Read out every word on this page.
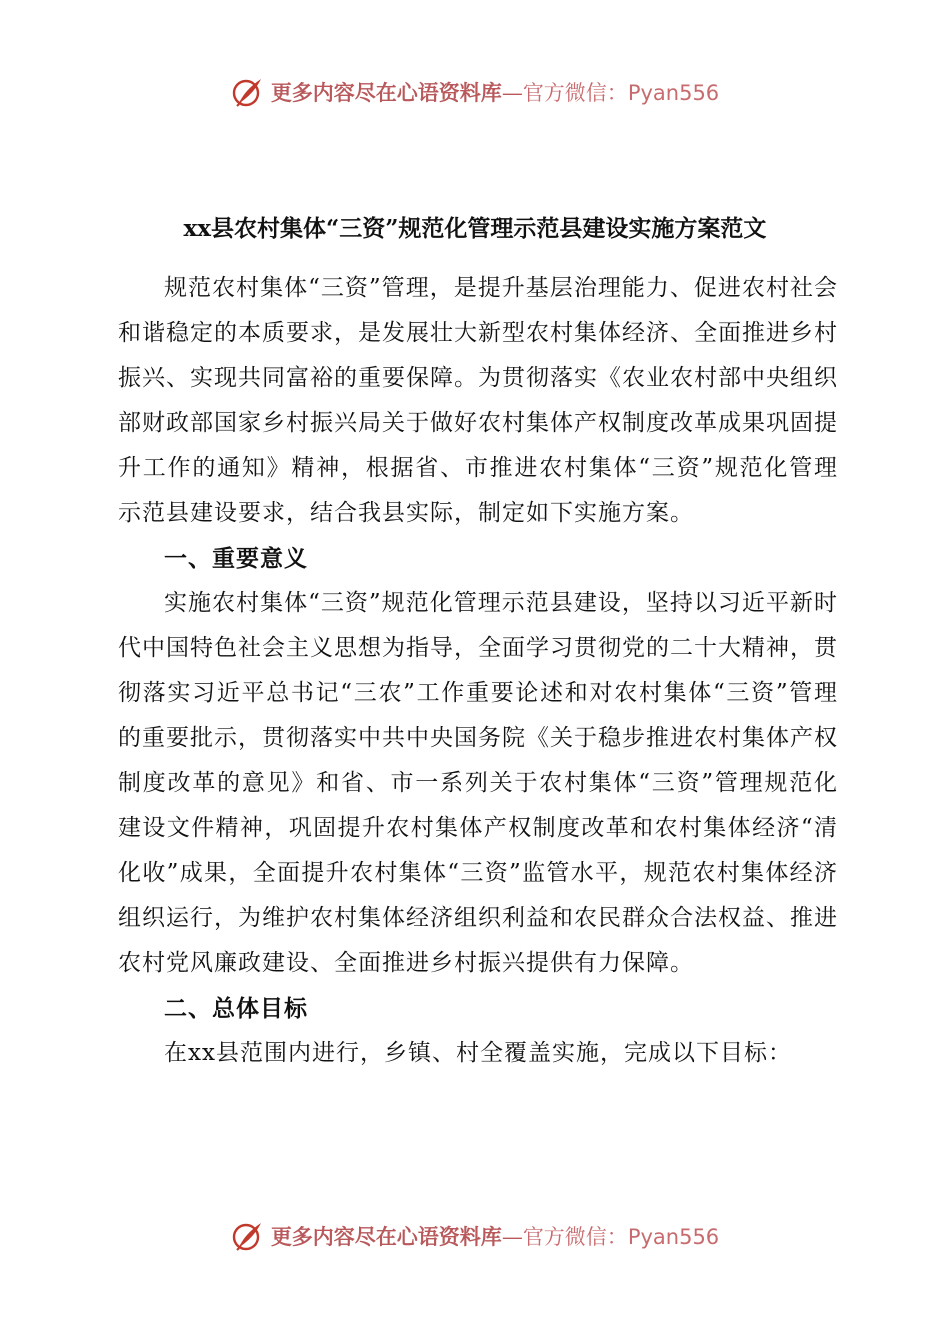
更多内容尽在心语资料库—官方微信：Pyan556
xx县农村集体“三资”规范化管理示范县建设实施方案范文

规范农村集体“三资”管理，是提升基层治理能力、促进农村社会和谐稳定的本质要求，是发展壮大新型农村集体经济、全面推进乡村振兴、实现共同富裕的重要保障。为贯彻落实《农业农村部中央组织部财政部国家乡村振兴局关于做好农村集体产权制度改革成果巩固提升工作的通知》精神，根据省、市推进农村集体“三资”规范化管理示范县建设要求，结合我县实际，制定如下实施方案。

一、重要意义

实施农村集体“三资”规范化管理示范县建设，坚持以习近平新时代中国特色社会主义思想为指导，全面学习贯彻党的二十大精神，贯彻落实习近平总书记“三农”工作重要论述和对农村集体“三资”管理的重要批示，贯彻落实中共中央国务院《关于稳步推进农村集体产权制度改革的意见》和省、市一系列关于农村集体“三资”管理规范化建设文件精神，巩固提升农村集体产权制度改革和农村集体经济“清化收”成果，全面提升农村集体“三资”监管水平，规范农村集体经济组织运行，为维护农村集体经济组织利益和农民群众合法权益、推进农村党风廉政建设、全面推进乡村振兴提供有力保障。

二、总体目标

在xx县范围内进行，乡镇、村全覆盖实施，完成以下目标：

更多内容尽在心语资料库—官方微信：Pyan556
